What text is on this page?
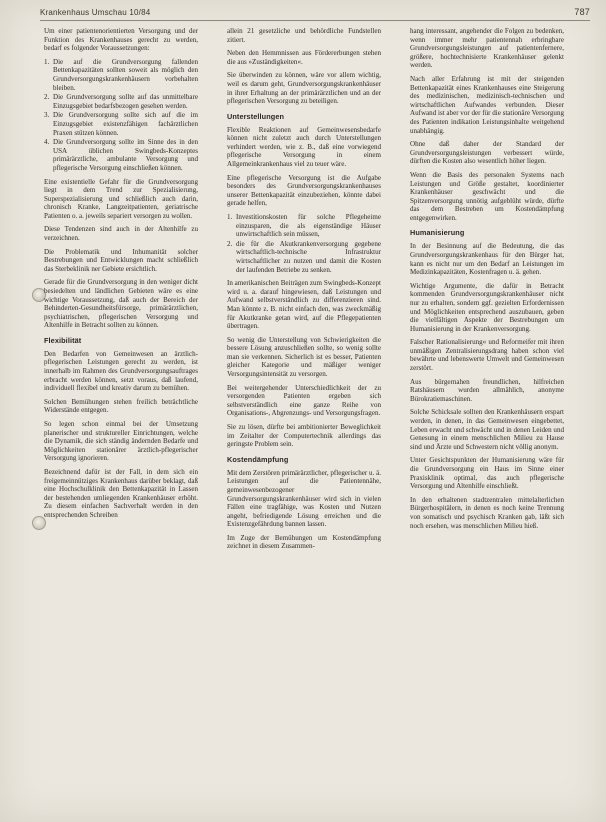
Krankenhaus Umschau 10/84	787

Um einer patientenorientierten Versorgung und der Funktion des Krankenhauses gerecht zu werden, bedarf es folgender Voraussetzungen:

1. Die auf die Grundversorgung fallenden Bettenkapazitäten sollten soweit als möglich den Grundversorgungskrankenhäusern vorbehalten bleiben.
2. Die Grundversorgung sollte auf das unmittelbare Einzugsgebiet bedarfsbezogen gesehen werden.
3. Die Grundversorgung sollte sich auf die im Einzugsgebiet existenzfähigen fachärztlichen Praxen stützen können.
4. Die Grundversorgung sollte im Sinne des in den USA üblichen Swingbeds-Konzeptes primärärztliche, ambulante Versorgung und pflegerische Versorgung einschließen können.

Eine existentielle Gefahr für die Grundversorgung liegt in dem Trend zur Spezialisierung, Superspezialisierung und schließlich auch darin, chronisch Kranke, Langzeitpatienten, geriatrische Patienten o. a. jeweils separiert versorgen zu wollen.

Diese Tendenzen sind auch in der Altenhilfe zu verzeichnen.

Die Problematik und Inhumanität solcher Bestrebungen und Entwicklungen macht schließlich das Sterbeklinik ner Gebiete ersichtlich.

Gerade für die Grundversorgung in den weniger dicht besiedelten und ländlichen Gebieten wäre es eine wichtige Voraussetzung, daß auch der Bereich der Behinderten-Gesundheitsfürsorge, primärärztlichen, psychiatrischen, pflegerischen Versorgung und Altenhilfe in Betracht sollten zu können.

Flexibilität

Den Bedarfen von Gemeinwesen an ärztlich-pflegerischen Leistungen gerecht zu werden, ist innerhalb im Rahmen des Grundversorgungsauftrages erbracht werden können, setzt voraus, daß laufend, individuell flexibel und kreativ darum zu bemühen.

Solchen Bemühungen stehen freilich beträchtliche Widerstände entgegen.

So legen schon einmal bei der Umsetzung planerischer und struktureller Einrichtungen, welche die Dynamik, die sich ständig ändernden Bedarfe und Möglichkeiten stationärer ärztlich-pflegerischer Versorgung ignorieren.

Bezeichnend dafür ist der Fall, in dem sich ein freigemeinnütziges Krankenhaus darüber beklagt, daß eine Hochschulklinik den Bettenkapazität in Lassen der bestehenden umliegenden Krankenhäuser erhöht. Zu diesem einfachen Sachverhalt werden in den entsprechenden Schreiben

allein 21 gesetzliche und behördliche Fundstellen zitiert.

Neben den Hemmnissen aus Fördererbungen stehen die aus »Zuständigkeiten«.

Sie überwinden zu können, wäre vor allem wichtig, weil es darum geht, Grundversorgungskrankenhäuser in ihrer Erhaltung an der primärärztlichen und an der pflegerischen Versorgung zu beteiligen.

Unterstellungen

Flexible Reaktionen auf Gemeinwesensbedarfe können nicht zuletzt auch durch Unterstellungen verhindert werden, wie z. B., daß eine vorwiegend pflegerische Versorgung in einem Allgemeinkrankenhaus viel zu teuer wäre.

Eine pflegerische Versorgung ist die Aufgabe besonders des Grundversorgungskrankenhauses unserer Bettenkapazität einzubeziehen, könnte dabei gerade helfen,

1. Investitionskosten für solche Pflegeheime einzusparen, die als eigenständige Häuser unwirtschaftlich sein müssen,
2. die für die Akutkrankenversorgung gegebene wirtschaftlich-technische Infrastruktur wirtschaftlicher zu nutzen und damit die Kosten der laufenden Betriebe zu senken.

In amerikanischen Beiträgen zum Swingbeds-Konzept wird u. a. darauf hingewiesen, daß Leistungen und Aufwand selbstverständlich zu differenzieren sind. Man könnte z. B. nicht einfach den, was zweckmäßig für Akutkranke getan wird, auf die Pflegepatienten übertragen.

So wenig die Unterstellung von Schwierigkeiten die bessere Lösung anzuschließen sollte, so wenig sollte man sie verkennen. Sicherlich ist es besser, Patienten gleicher Kategorie und mäßiger weniger Versorgungsintensität zu versorgen.

Bei weitergehender Unterschiedlichkeit der zu versorgenden Patienten ergeben sich selbstverständlich eine ganze Reihe von Organisations-, Abgrenzungs- und Versorgungsfragen.

Sie zu lösen, dürfte bei ambitionierter Beweglichkeit im Zeitalter der Computertechnik allerdings das geringste Problem sein.

Kostendämpfung

Mit dem Zerstören primärärztlicher, pflegerischer u. ä. Leistungen auf die Patientennähe, gemeinwesenbezogener Grundversorgungskrankenhäuser wird sich in vielen Fällen eine tragfähige, was Kosten und Nutzen angeht, befriedigende Lösung erreichen und die Existenzgefährdung bannen lassen.

Im Zuge der Bemühungen um Kostendämpfung zeichnet in diesem Zusammen-

hang interessant, angehender die Folgen zu bedenken, wenn immer mehr patientennah erbringbare Grundversorgungsleistungen auf patientenfernere, größere, hochtechnisierte Krankenhäuser gelenkt werden.

Nach aller Erfahrung ist mit der steigenden Bettenkapazität eines Krankenhauses eine Steigerung des medizinischen, medizinisch-technischen und wirtschaftlichen Aufwandes verbunden. Dieser Aufwand ist aber vor der für die stationäre Versorgung des Patienten indikation Leistungsinhalte weitgehend unabhängig.

Ohne daß daher der Standard der Grundversorgungsleistungen verbessert würde, dürften die Kosten also wesentlich höher liegen.

Wenn die Basis des personalen Systems nach Leistungen und Größe gestaltet, koordinierter Krankenhäuser geschwächt und die Spitzenversorgung unnötig aufgeblüht würde, dürfte das dem Bestreben um Kostendämpfung entgegenwirken.

Humanisierung

In der Besinnung auf die Bedeutung, die das Grundversorgungskrankenhaus für den Bürger hat, kann es nicht nur um den Bedarf an Leistungen im Medizinkapazitäten, Kostenfragen u. ä. gehen.

Wichtige Argumente, die dafür in Betracht kommenden Grundversorgungskrankenhäuser nicht nur zu erhalten, sondern ggf. gezielten Erfordernissen und Möglichkeiten entsprechend auszubauen, geben die vielfältigen Aspekte der Bestrebungen um Humanisierung in der Krankenversorgung.

Falscher Rationalisierung« und Reformeifer mit ihren unmäßigen Zentralisierungsdrang haben schon viel bewährte und lebenswerte Umwelt und Gemeinwesen zerstört.

Aus bürgernahen freundlichen, hilfreichen Ratshäusern wurden allmählich, anonyme Bürokratiemaschinen.

Solche Schicksale sollten den Krankenhäusern erspart werden, in denen, in das Gemeinwesen eingebettet, Leben erwacht und schwächt und in denen Leiden und Genesung in einem menschlichen Milieu zu Hause sind und Ärzte und Schwestern nicht völlig anonym.

Unter Gesichtspunkten der Humanisierung wäre für die Grundversorgung ein Haus im Sinne einer Praxisklinik optimal, das auch pflegerische Versorgung und Altenhilfe einschließt.

In den erhaltenen stadtzentralen mittelalterlichen Bürgerhospitälern, in denen es noch keine Trennung von somatisch und psychisch Kranken gab, läßt sich noch ersehen, was menschlichen Milieu hieß.
